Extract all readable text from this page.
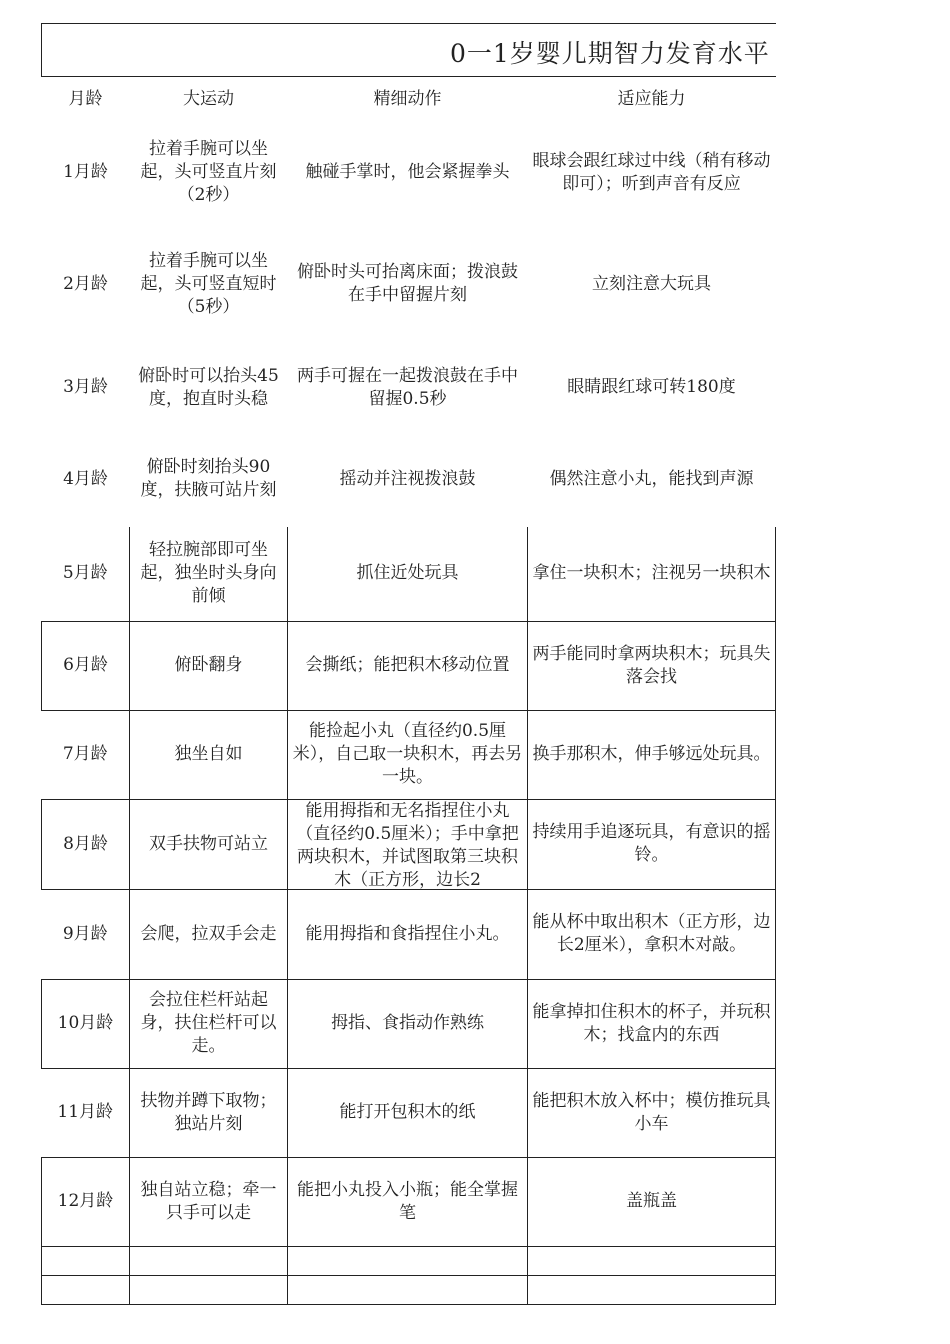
0一1岁婴儿期智力发育水平
月龄	大运动	精细动作	适应能力
1月龄	拉着手腕可以坐起，头可竖直片刻（2秒）	触碰手掌时，他会紧握拳头	眼球会跟红球过中线（稍有移动即可）；听到声音有反应
2月龄	拉着手腕可以坐起，头可竖直短时（5秒）	俯卧时头可抬离床面；拨浪鼓在手中留握片刻	立刻注意大玩具
3月龄	俯卧时可以抬头45度，抱直时头稳	两手可握在一起拨浪鼓在手中留握0.5秒	眼睛跟红球可转180度
4月龄	俯卧时刻抬头90度，扶腋可站片刻	摇动并注视拨浪鼓	偶然注意小丸，能找到声源
5月龄	轻拉腕部即可坐起，独坐时头身向前倾	抓住近处玩具	拿住一块积木；注视另一块积木
6月龄	俯卧翻身	会撕纸；能把积木移动位置	两手能同时拿两块积木；玩具失落会找
7月龄	独坐自如	能捡起小丸（直径约0.5厘米），自己取一块积木，再去另一块。	换手那积木，伸手够远处玩具。
8月龄	双手扶物可站立	能用拇指和无名指捏住小丸（直径约0.5厘米）；手中拿把两块积木，并试图取第三块积木（正方形，边长2	持续用手追逐玩具，有意识的摇铃。
9月龄	会爬，拉双手会走	能用拇指和食指捏住小丸。	能从杯中取出积木（正方形，边长2厘米），拿积木对敲。
10月龄	会拉住栏杆站起身，扶住栏杆可以走。	拇指、食指动作熟练	能拿掉扣住积木的杯子，并玩积木；找盒内的东西
11月龄	扶物并蹲下取物；独站片刻	能打开包积木的纸	能把积木放入杯中；模仿推玩具小车
12月龄	独自站立稳；牵一只手可以走	能把小丸投入小瓶；能全掌握笔	盖瓶盖
